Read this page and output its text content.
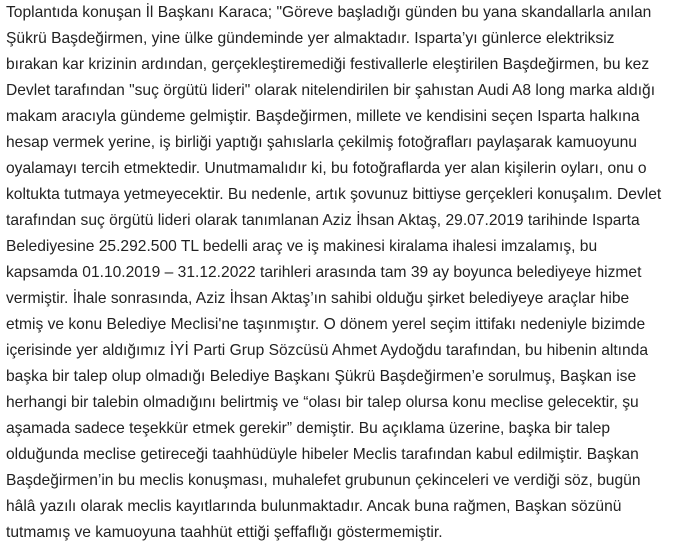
Toplantıda konuşan İl Başkanı Karaca; "Göreve başladığı günden bu yana skandallarla anılan
Şükrü Başdeğirmen, yine ülke gündeminde yer almaktadır. Isparta’yı günlerce elektriksiz
bırakan kar krizinin ardından, gerçekleştiremediği festivallerle eleştirilen Başdeğirmen, bu kez
Devlet tarafından "suç örgütü lideri" olarak nitelendirilen bir şahıstan Audi A8 long marka aldığı
makam aracıyla gündeme gelmiştir. Başdeğirmen, millete ve kendisini seçen Isparta halkına
hesap vermek yerine, iş birliği yaptığı şahıslarla çekilmiş fotoğrafları paylaşarak kamuoyunu
oyalamayı tercih etmektedir. Unutmamalıdır ki, bu fotoğraflarda yer alan kişilerin oyları, onu o
koltukta tutmaya yetmeyecektir. Bu nedenle, artık şovunuz bittiyse gerçekleri konuşalım. Devlet
tarafından suç örgütü lideri olarak tanımlanan Aziz İhsan Aktaş, 29.07.2019 tarihinde Isparta
Belediyesine 25.292.500 TL bedelli araç ve iş makinesi kiralama ihalesi imzalamış, bu
kapsamda 01.10.2019 – 31.12.2022 tarihleri arasında tam 39 ay boyunca belediyeye hizmet
vermiştir. İhale sonrasında, Aziz İhsan Aktaş’ın sahibi olduğu şirket belediyeye araçlar hibe
etmiş ve konu Belediye Meclisi'ne taşınmıştır. O dönem yerel seçim ittifakı nedeniyle bizimde
içerisinde yer aldığımız İYİ Parti Grup Sözcüsü Ahmet Aydoğdu tarafından, bu hibenin altında
başka bir talep olup olmadığı Belediye Başkanı Şükrü Başdeğirmen’e sorulmuş, Başkan ise
herhangi bir talebin olmadığını belirtmiş ve “olası bir talep olursa konu meclise gelecektir, şu
aşamada sadece teşekkür etmek gerekir” demiştir. Bu açıklama üzerine, başka bir talep
olduğunda meclise getireceği taahhüdüyle hibeler Meclis tarafından kabul edilmiştir. Başkan
Başdeğirmen’in bu meclis konuşması, muhalefet grubunun çekinceleri ve verdiği söz, bugün
hâlâ yazılı olarak meclis kayıtlarında bulunmaktadır. Ancak buna rağmen, Başkan sözünü
tutmamış ve kamuoyuna taahhüt ettiği şeffaflığı göstermemiştir.
